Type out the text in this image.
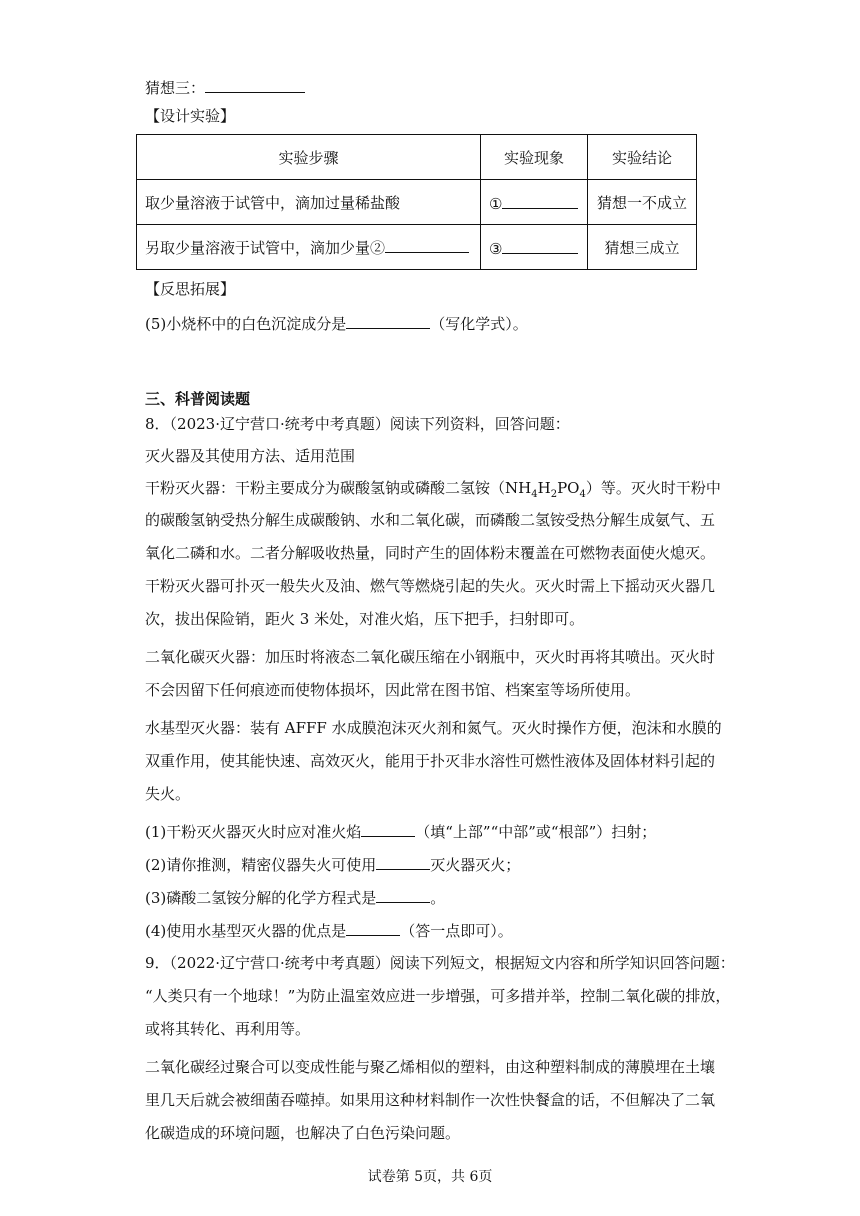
猜想三：
【设计实验】
实验步骤	实验现象	实验结论
取少量溶液于试管中，滴加过量稀盐酸	①	猜想一不成立
另取少量溶液于试管中，滴加少量②	③	猜想三成立
【反思拓展】
(5)小烧杯中的白色沉淀成分是	（写化学式）。
三、科普阅读题
8．（2023·辽宁营口·统考中考真题）阅读下列资料，回答问题：
灭火器及其使用方法、适用范围
干粉灭火器：干粉主要成分为碳酸氢钠或磷酸二氢铵$(NH_4H_2PO_4)$等。灭火时干粉中
的碳酸氢钠受热分解生成碳酸钠、水和二氧化碳，而磷酸二氢铵受热分解生成氨气、五
氧化二磷和水。二者分解吸收热量，同时产生的固体粉末覆盖在可燃物表面使火熄灭。
干粉灭火器可扑灭一般失火及油、燃气等燃烧引起的失火。灭火时需上下摇动灭火器几
次，拔出保险销，距火 3 米处，对准火焰，压下把手，扫射即可。
二氧化碳灭火器：加压时将液态二氧化碳压缩在小钢瓶中，灭火时再将其喷出。灭火时
不会因留下任何痕迹而使物体损坏，因此常在图书馆、档案室等场所使用。
水基型灭火器：装有 AFFF 水成膜泡沫灭火剂和氮气。灭火时操作方便，泡沫和水膜的
双重作用，使其能快速、高效灭火，能用于扑灭非水溶性可燃性液体及固体材料引起的
失火。
(1)干粉灭火器灭火时应对准火焰	（填“上部”“中部”或“根部”）扫射；
(2)请你推测，精密仪器失火可使用	灭火器灭火；
(3)磷酸二氢铵分解的化学方程式是	。
(4)使用水基型灭火器的优点是	（答一点即可）。
9．（2022·辽宁营口·统考中考真题）阅读下列短文，根据短文内容和所学知识回答问题：
“人类只有一个地球！”为防止温室效应进一步增强，可多措并举，控制二氧化碳的排放，
或将其转化、再利用等。
二氧化碳经过聚合可以变成性能与聚乙烯相似的塑料，由这种塑料制成的薄膜埋在土壤
里几天后就会被细菌吞噬掉。如果用这种材料制作一次性快餐盒的话，不但解决了二氧
化碳造成的环境问题，也解决了白色污染问题。
试卷第 5页，共 6页
